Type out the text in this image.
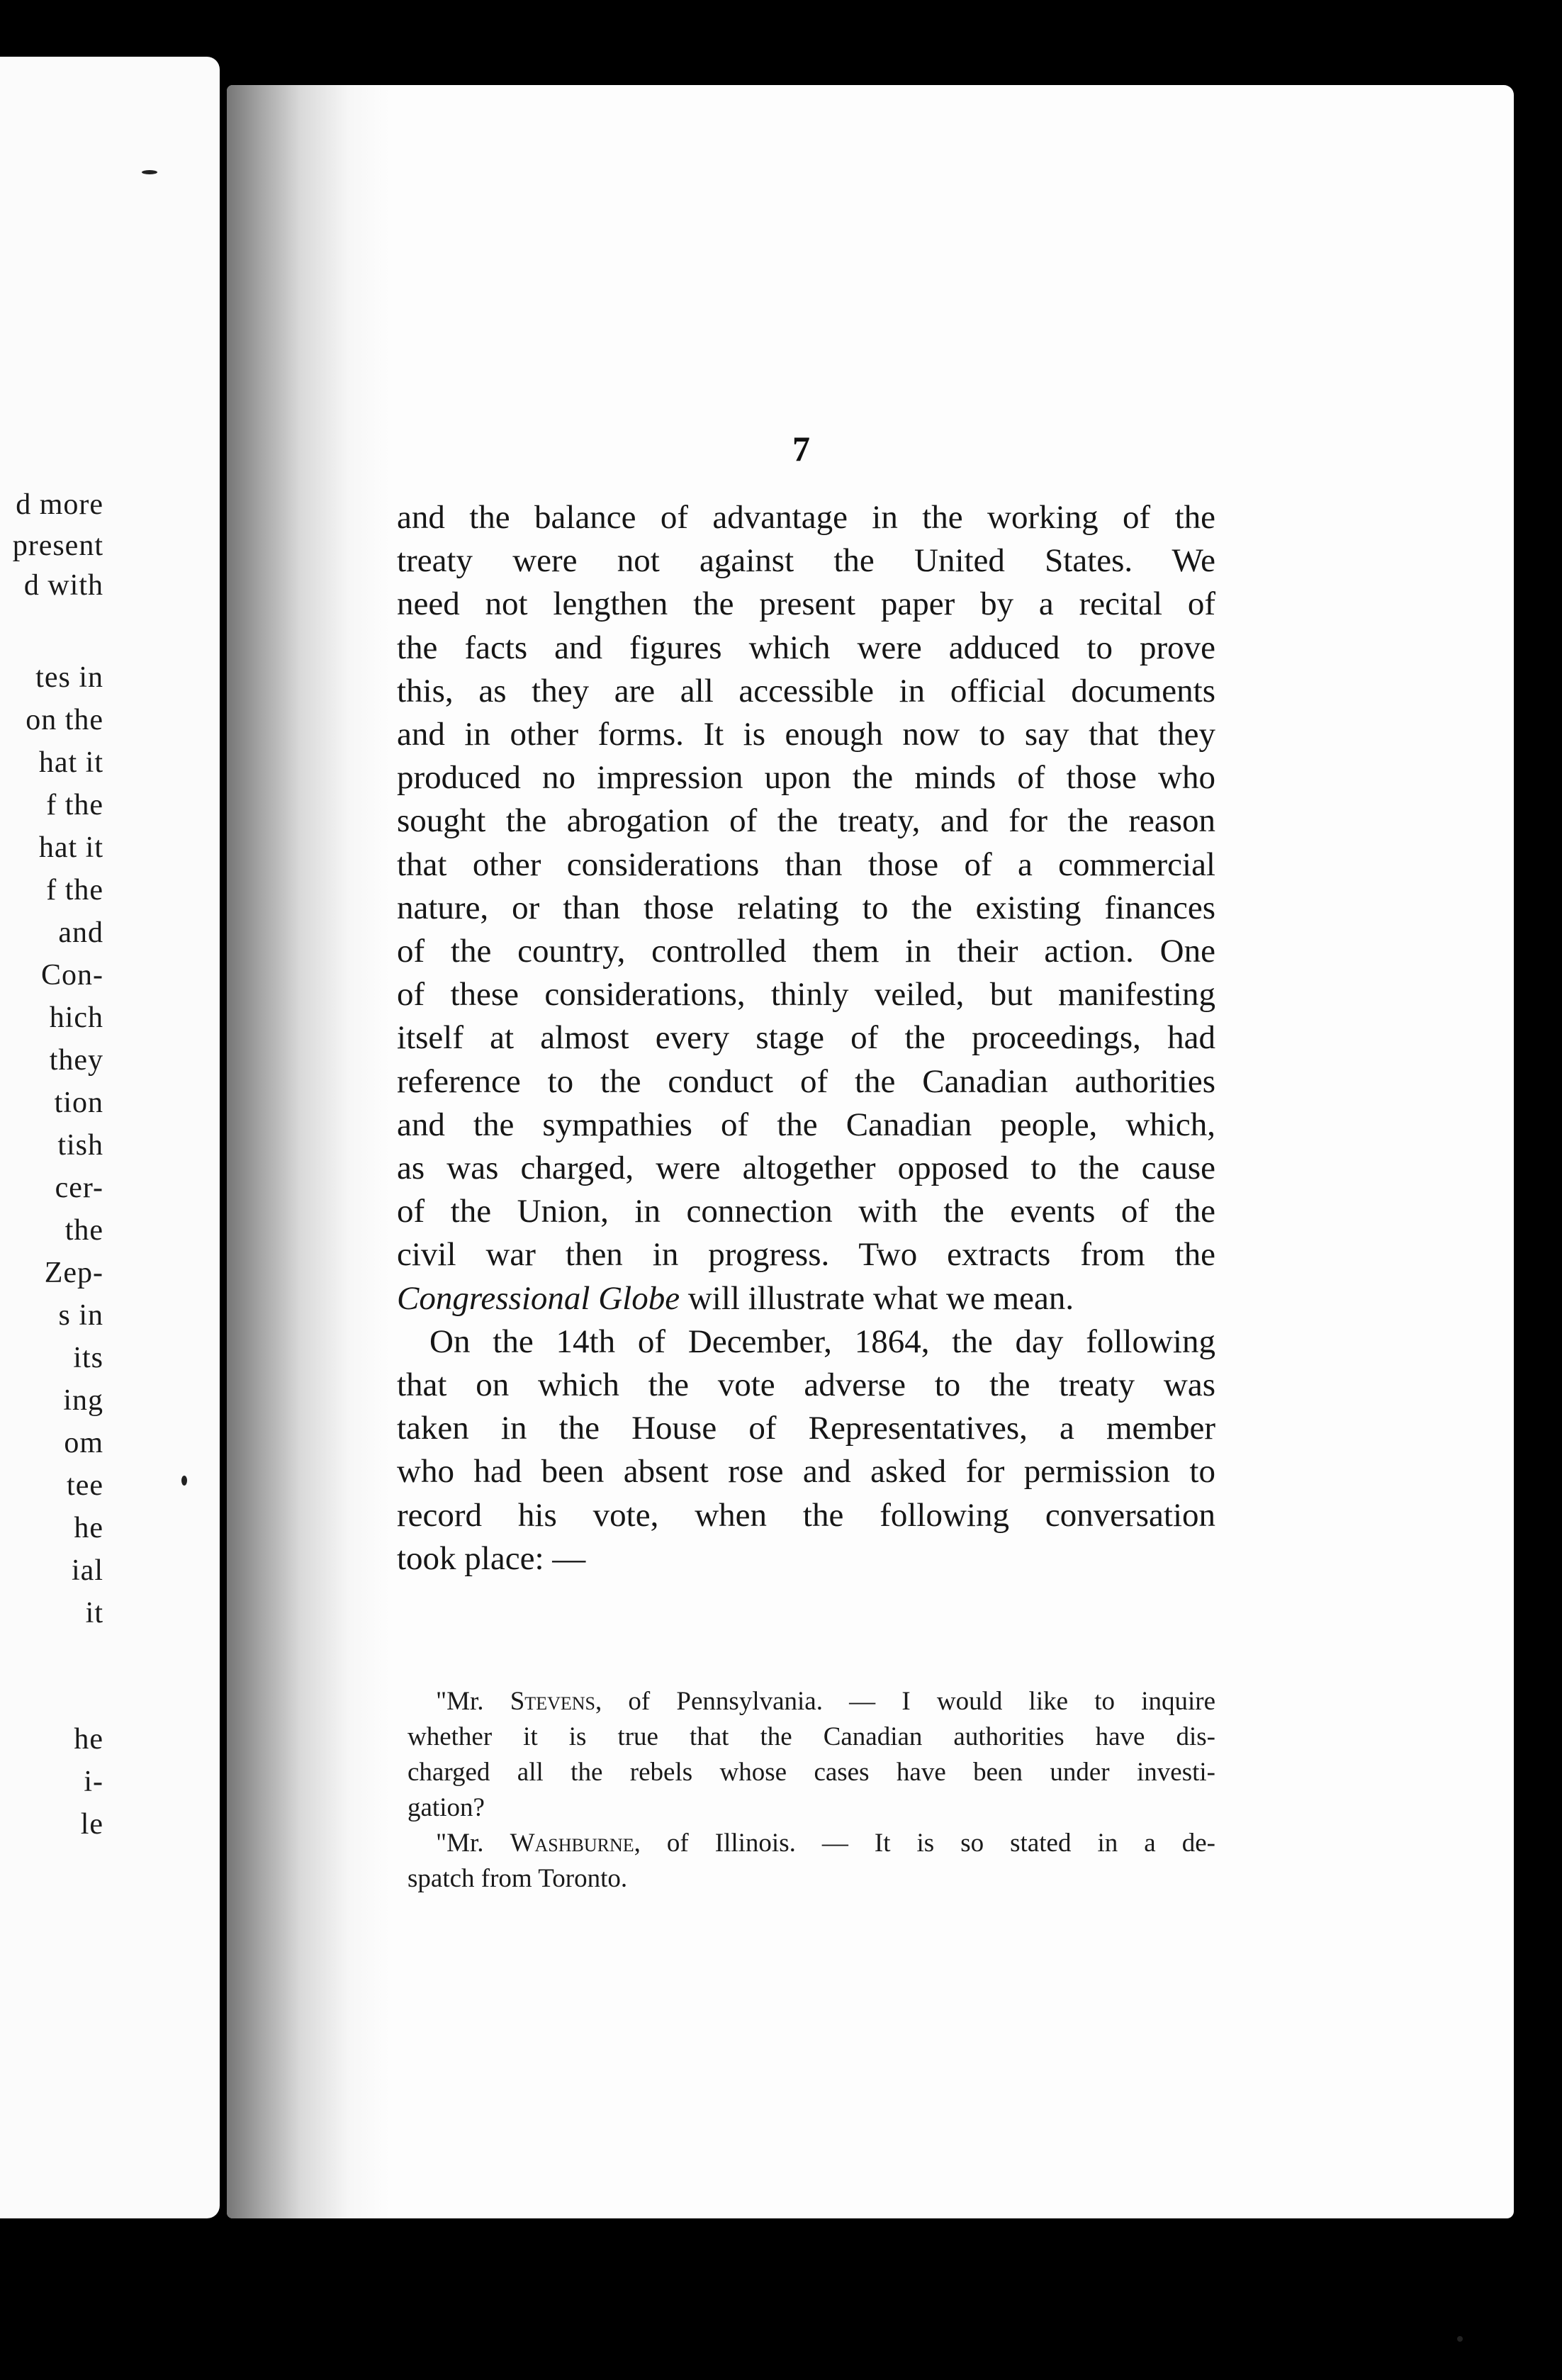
d more
present
d with
tes in
on the
hat it
f the
hat it
f the
and
Con-
hich
they
tion
tish
cer-
the
Zep-
s in
its
ing
om
tee
he
ial
it
he
i-
le
7
and the balance of advantage in the working of the
treaty were not against the United States. We
need not lengthen the present paper by a recital of
the facts and figures which were adduced to prove
this, as they are all accessible in official documents
and in other forms. It is enough now to say that they
produced no impression upon the minds of those who
sought the abrogation of the treaty, and for the reason
that other considerations than those of a commercial
nature, or than those relating to the existing finances
of the country, controlled them in their action. One
of these considerations, thinly veiled, but manifesting
itself at almost every stage of the proceedings, had
reference to the conduct of the Canadian authorities
and the sympathies of the Canadian people, which,
as was charged, were altogether opposed to the cause
of the Union, in connection with the events of the
civil war then in progress. Two extracts from the
Congressional Globe will illustrate what we mean.
On the 14th of December, 1864, the day following
that on which the vote adverse to the treaty was
taken in the House of Representatives, a member
who had been absent rose and asked for permission to
record his vote, when the following conversation
took place: —
"Mr. Stevens, of Pennsylvania. — I would like to inquire
whether it is true that the Canadian authorities have dis-
charged all the rebels whose cases have been under investi-
gation?
"Mr. Washburne, of Illinois. — It is so stated in a de-
spatch from Toronto.
